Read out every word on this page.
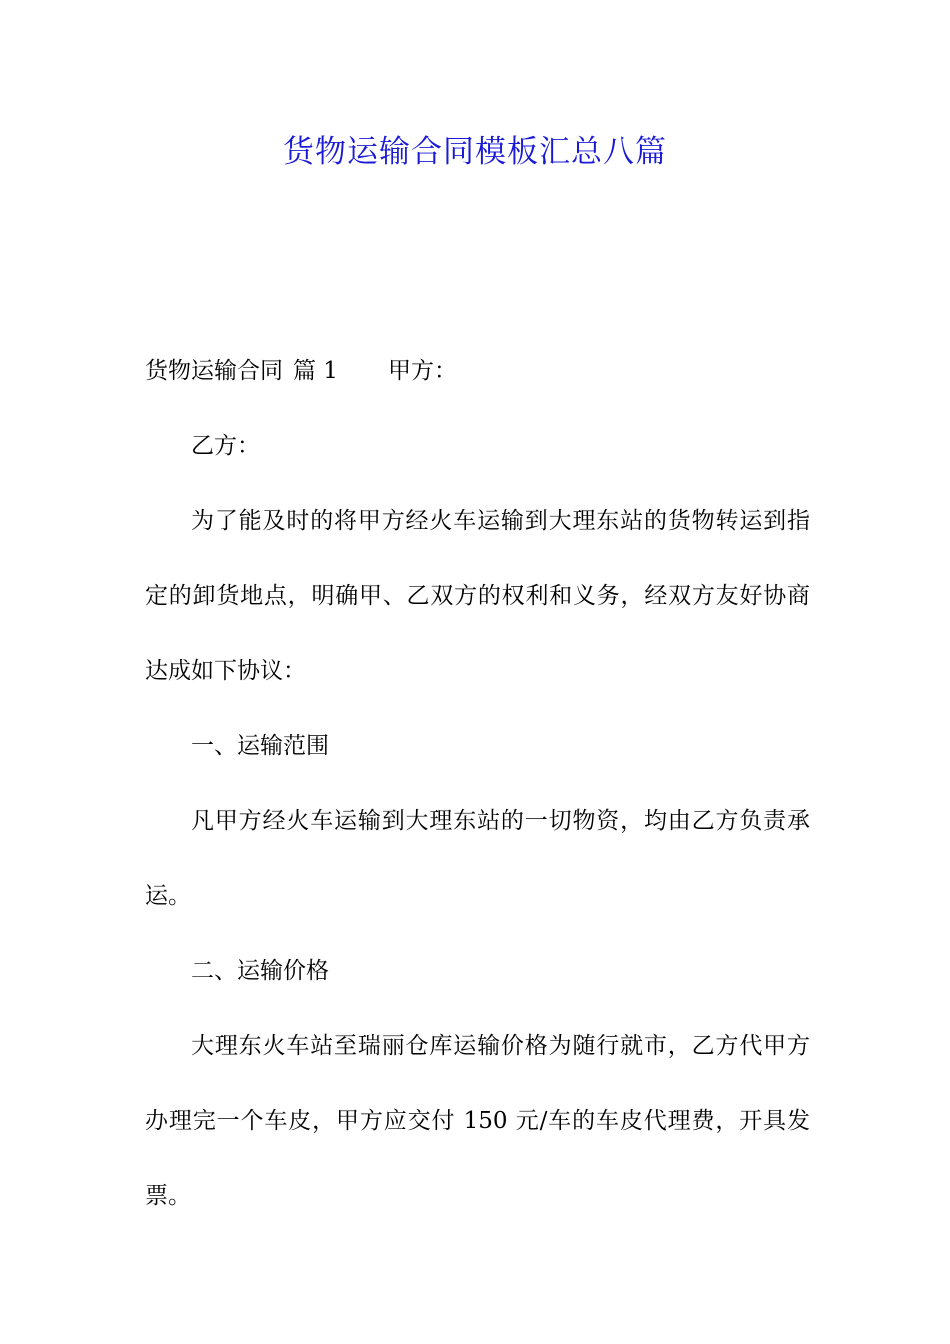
货物运输合同模板汇总八篇

货物运输合同 篇 1 甲方：

乙方：

为了能及时的将甲方经火车运输到大理东站的货物转运到指定的卸货地点，明确甲、乙双方的权利和义务，经双方友好协商达成如下协议：

一、运输范围

凡甲方经火车运输到大理东站的一切物资，均由乙方负责承运。

二、运输价格

大理东火车站至瑞丽仓库运输价格为随行就市，乙方代甲方办理完一个车皮，甲方应交付 150 元/车的车皮代理费，开具发票。
